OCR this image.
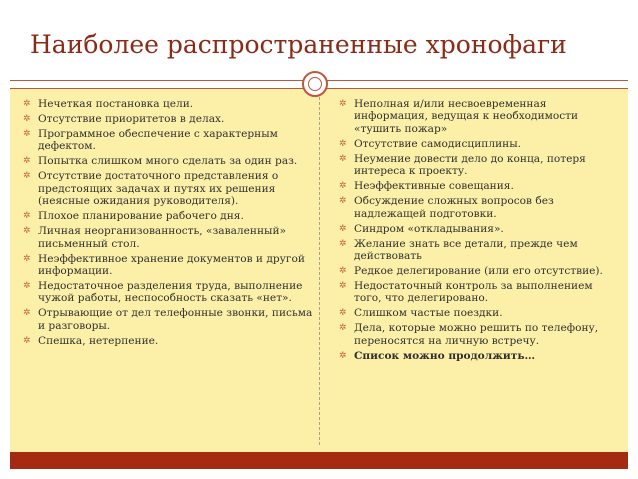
Наиболее распространенные хронофаги
✲ Нечеткая постановка цели.
✲ Отсутствие приоритетов в делах.
✲ Программное обеспечение с характерным дефектом.
✲ Попытка слишком много сделать за один раз.
✲ Отсутствие достаточного представления о предстоящих задачах и путях их решения (неясные ожидания руководителя).
✲ Плохое планирование рабочего дня.
✲ Личная неорганизованность, «заваленный» письменный стол.
✲ Неэффективное хранение документов и другой информации.
✲ Недостаточное разделения труда, выполнение чужой работы, неспособность сказать «нет».
✲ Отрывающие от дел телефонные звонки, письма и разговоры.
✲ Спешка, нетерпение.
✲ Неполная и/или несвоевременная информация, ведущая к необходимости «тушить пожар»
✲ Отсутствие самодисциплины.
✲ Неумение довести дело до конца, потеря интереса к проекту.
✲ Неэффективные совещания.
✲ Обсуждение сложных вопросов без надлежащей подготовки.
✲ Синдром «откладывания».
✲ Желание знать все детали, прежде чем действовать
✲ Редкое делегирование (или его отсутствие).
✲ Недостаточный контроль за выполнением того, что делегировано.
✲ Слишком частые поездки.
✲ Дела, которые можно решить по телефону, переносятся на личную встречу.
✲ Список можно продолжить…
